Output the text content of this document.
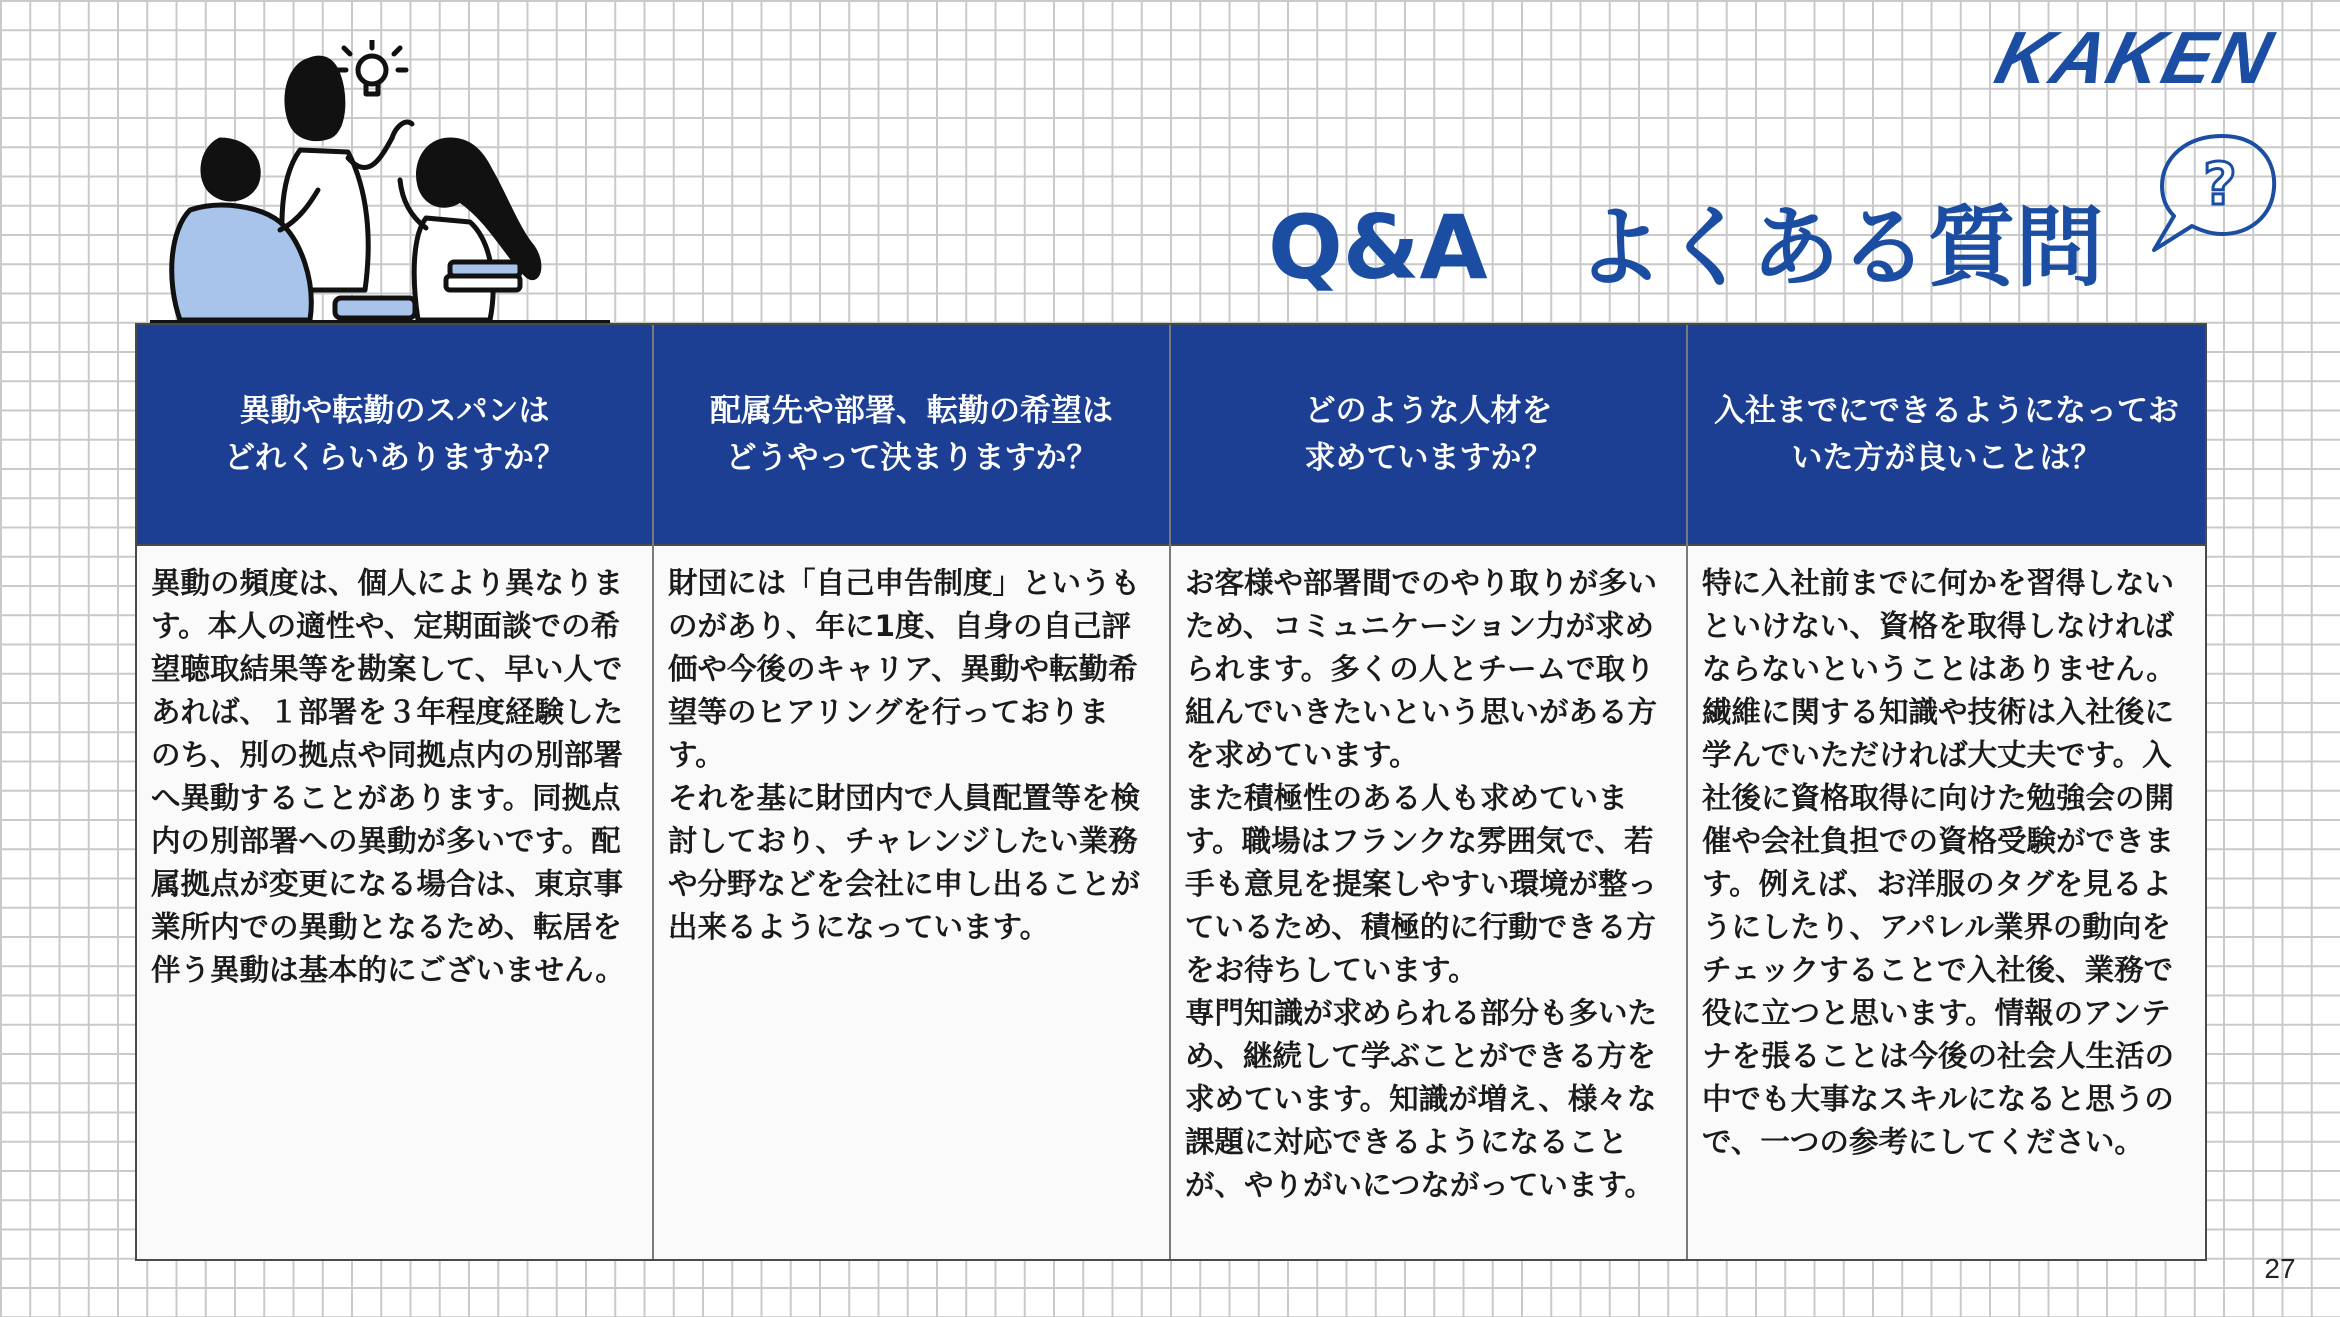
KAKEN
?
Q&A　よくある質問
異動や転勤のスパンは
どれくらいありますか？

異動の頻度は、個人により異なります。本人の適性や、定期面談での希望聴取結果等を勘案して、早い人であれば、１部署を３年程度経験したのち、別の拠点や同拠点内の別部署へ異動することがあります。同拠点内の別部署への異動が多いです。配属拠点が変更になる場合は、東京事業所内での異動となるため、転居を伴う異動は基本的にございません。

配属先や部署、転勤の希望は
どうやって決まりますか？

財団には「自己申告制度」というものがあり、年に1度、自身の自己評価や今後のキャリア、異動や転勤希望等のヒアリングを行っております。

それを基に財団内で人員配置等を検討しており、チャレンジしたい業務や分野などを会社に申し出ることが出来るようになっています。

どのような人材を
求めていますか？

お客様や部署間でのやり取りが多いため、コミュニケーション力が求められます。多くの人とチームで取り組んでいきたいという思いがある方を求めています。

また積極性のある人も求めています。職場はフランクな雰囲気で、若手も意見を提案しやすい環境が整っているため、積極的に行動できる方をお待ちしています。

専門知識が求められる部分も多いため、継続して学ぶことができる方を求めています。知識が増え、様々な課題に対応できるようになることが、やりがいにつながっています。

入社までにできるようになっておいた方が良いことは？

特に入社前までに何かを習得しないといけない、資格を取得しなければならないということはありません。繊維に関する知識や技術は入社後に学んでいただければ大丈夫です。入社後に資格取得に向けた勉強会の開催や会社負担での資格受験ができます。例えば、お洋服のタグを見るようにしたり、アパレル業界の動向をチェックすることで入社後、業務で役に立つと思います。情報のアンテナを張ることは今後の社会人生活の中でも大事なスキルになると思うので、一つの参考にしてください。

27
